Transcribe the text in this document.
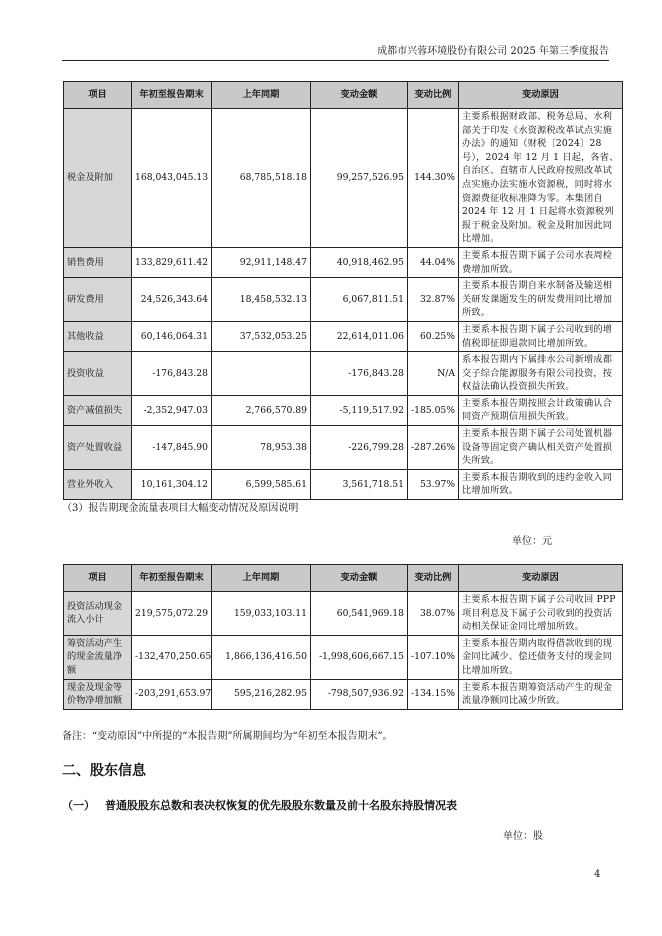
成都市兴蓉环境股份有限公司 2025 年第三季度报告
项目	年初至报告期末	上年同期	变动金额	变动比例	变动原因
税金及附加	168,043,045.13	68,785,518.18	99,257,526.95	144.30%	主要系根据财政部、税务总局、水利部关于印发《水资源税改革试点实施办法》的通知（财税〔2024〕28 号），2024 年 12 月 1 日起，各省、自治区、直辖市人民政府按照改革试点实施办法实施水资源税，同时将水资源费征收标准降为零。本集团自 2024 年 12 月 1 日起将水资源税列报于税金及附加。税金及附加因此同比增加。
销售费用	133,829,611.42	92,911,148.47	40,918,462.95	44.04%	主要系本报告期下属子公司水表周检费增加所致。
研发费用	24,526,343.64	18,458,532.13	6,067,811.51	32.87%	主要系本报告期自来水制备及输送相关研发课题发生的研发费用同比增加所致。
其他收益	60,146,064.31	37,532,053.25	22,614,011.06	60.25%	主要系本报告期下属子公司收到的增值税即征即退款同比增加所致。
投资收益	-176,843.28		-176,843.28	N/A	系本报告期内下属排水公司新增成都交子综合能源服务有限公司投资，按权益法确认投资损失所致。
资产减值损失	-2,352,947.03	2,766,570.89	-5,119,517.92	-185.05%	主要系本报告期按照会计政策确认合同资产预期信用损失所致。
资产处置收益	-147,845.90	78,953.38	-226,799.28	-287.26%	主要系本报告期下属子公司处置机器设备等固定资产确认相关资产处置损失所致。
营业外收入	10,161,304.12	6,599,585.61	3,561,718.51	53.97%	主要系本报告期收到的违约金收入同比增加所致。
（3）报告期现金流量表项目大幅变动情况及原因说明
单位：元
项目	年初至报告期末	上年同期	变动金额	变动比例	变动原因
投资活动现金流入小计	219,575,072.29	159,033,103.11	60,541,969.18	38.07%	主要系本报告期下属子公司收回 PPP 项目利息及下属子公司收到的投资活动相关保证金同比增加所致。
筹资活动产生的现金流量净额	-132,470,250.65	1,866,136,416.50	-1,998,606,667.15	-107.10%	主要系本报告期内取得借款收到的现金同比减少、偿还债务支付的现金同比增加所致。
现金及现金等价物净增加额	-203,291,653.97	595,216,282.95	-798,507,936.92	-134.15%	主要系本报告期筹资活动产生的现金流量净额同比减少所致。
备注：“变动原因”中所提的“本报告期”所属期间均为“年初至本报告期末”。
二、股东信息
（一） 普通股股东总数和表决权恢复的优先股股东数量及前十名股东持股情况表
单位：股
4
